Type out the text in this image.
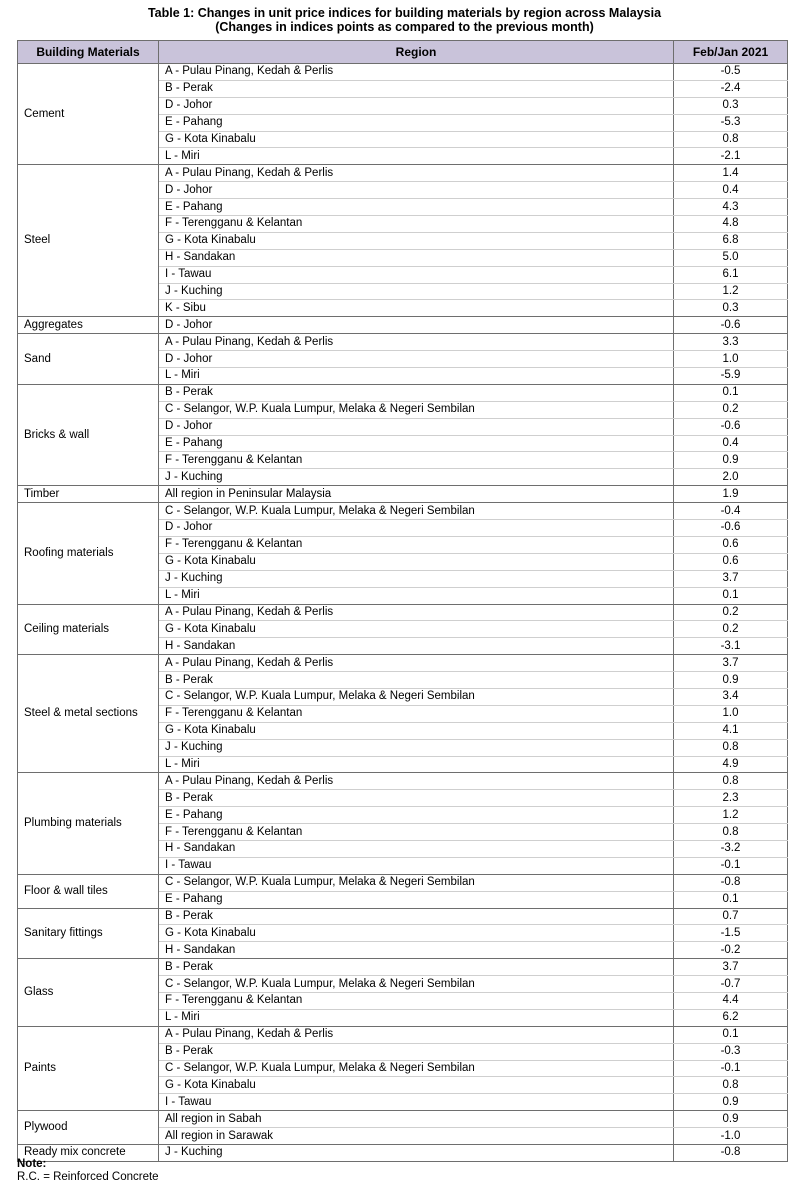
Table 1: Changes in unit price indices for building materials by region across Malaysia
(Changes in indices points as compared to the previous month)
Building Materials	Region	Feb/Jan 2021
Cement	A - Pulau Pinang, Kedah & Perlis	-0.5
	B - Perak	-2.4
	D - Johor	0.3
	E - Pahang	-5.3
	G - Kota Kinabalu	0.8
	L - Miri	-2.1
Steel	A - Pulau Pinang, Kedah & Perlis	1.4
	D - Johor	0.4
	E - Pahang	4.3
	F - Terengganu & Kelantan	4.8
	G - Kota Kinabalu	6.8
	H - Sandakan	5.0
	I - Tawau	6.1
	J - Kuching	1.2
	K - Sibu	0.3
Aggregates	D - Johor	-0.6
Sand	A - Pulau Pinang, Kedah & Perlis	3.3
	D - Johor	1.0
	L - Miri	-5.9
Bricks & wall	B - Perak	0.1
	C - Selangor, W.P. Kuala Lumpur, Melaka & Negeri Sembilan	0.2
	D - Johor	-0.6
	E - Pahang	0.4
	F - Terengganu & Kelantan	0.9
	J - Kuching	2.0
Timber	All region in Peninsular Malaysia	1.9
Roofing materials	C - Selangor, W.P. Kuala Lumpur, Melaka & Negeri Sembilan	-0.4
	D - Johor	-0.6
	F - Terengganu & Kelantan	0.6
	G - Kota Kinabalu	0.6
	J - Kuching	3.7
	L - Miri	0.1
Ceiling materials	A - Pulau Pinang, Kedah & Perlis	0.2
	G - Kota Kinabalu	0.2
	H - Sandakan	-3.1
Steel & metal sections	A - Pulau Pinang, Kedah & Perlis	3.7
	B - Perak	0.9
	C - Selangor, W.P. Kuala Lumpur, Melaka & Negeri Sembilan	3.4
	F - Terengganu & Kelantan	1.0
	G - Kota Kinabalu	4.1
	J - Kuching	0.8
	L - Miri	4.9
Plumbing materials	A - Pulau Pinang, Kedah & Perlis	0.8
	B - Perak	2.3
	E - Pahang	1.2
	F - Terengganu & Kelantan	0.8
	H - Sandakan	-3.2
	I - Tawau	-0.1
Floor & wall tiles	C - Selangor, W.P. Kuala Lumpur, Melaka & Negeri Sembilan	-0.8
	E - Pahang	0.1
Sanitary fittings	B - Perak	0.7
	G - Kota Kinabalu	-1.5
	H - Sandakan	-0.2
Glass	B - Perak	3.7
	C - Selangor, W.P. Kuala Lumpur, Melaka & Negeri Sembilan	-0.7
	F - Terengganu & Kelantan	4.4
	L - Miri	6.2
Paints	A - Pulau Pinang, Kedah & Perlis	0.1
	B - Perak	-0.3
	C - Selangor, W.P. Kuala Lumpur, Melaka & Negeri Sembilan	-0.1
	G - Kota Kinabalu	0.8
	I - Tawau	0.9
Plywood	All region in Sabah	0.9
	All region in Sarawak	-1.0
Ready mix concrete	J - Kuching	-0.8
Note:
R.C. = Reinforced Concrete
